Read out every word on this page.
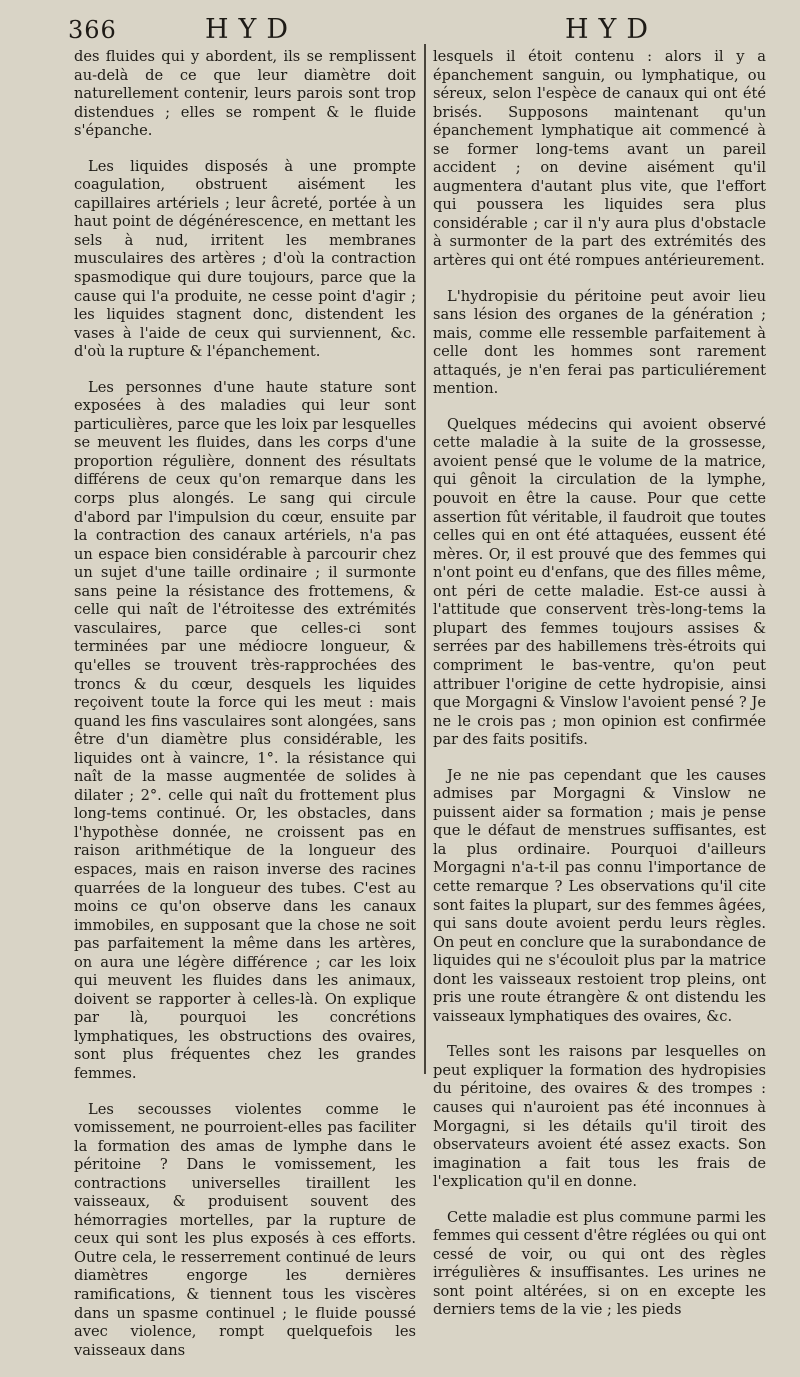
366	HYD	HYD

des fluides qui y abordent, ils se remplissent au-delà de ce que leur diamètre doit naturellement contenir, leurs parois sont trop distendues ; elles se rompent & le fluide s'épanche.

Les liquides disposés à une prompte coagulation, obstruent aisément les capillaires artériels ; leur âcreté, portée à un haut point de dégénérescence, en mettant les sels à nud, irritent les membranes musculaires des artères ; d'où la contraction spasmodique qui dure toujours, parce que la cause qui l'a produite, ne cesse point d'agir ; les liquides stagnent donc, distendent les vases à l'aide de ceux qui surviennent, &c. d'où la rupture & l'épanchement.

Les personnes d'une haute stature sont exposées à des maladies qui leur sont particulières, parce que les loix par lesquelles se meuvent les fluides, dans les corps d'une proportion régulière, donnent des résultats différens de ceux qu'on remarque dans les corps plus alongés. Le sang qui circule d'abord par l'impulsion du cœur, ensuite par la contraction des canaux artériels, n'a pas un espace bien considérable à parcourir chez un sujet d'une taille ordinaire ; il surmonte sans peine la résistance des frottemens, & celle qui naît de l'étroitesse des extrémités vasculaires, parce que celles-ci sont terminées par une médiocre longueur, & qu'elles se trouvent très-rapprochées des troncs & du cœur, desquels les liquides reçoivent toute la force qui les meut : mais quand les fins vasculaires sont alongées, sans être d'un diamètre plus considérable, les liquides ont à vaincre, 1°. la résistance qui naît de la masse augmentée de solides à dilater ; 2°. celle qui naît du frottement plus long-tems continué. Or, les obstacles, dans l'hypothèse donnée, ne croissent pas en raison arithmétique de la longueur des espaces, mais en raison inverse des racines quarrées de la longueur des tubes. C'est au moins ce qu'on observe dans les canaux immobiles, en supposant que la chose ne soit pas parfaitement la même dans les artères, on aura une légère différence ; car les loix qui meuvent les fluides dans les animaux, doivent se rapporter à celles-là. On explique par là, pourquoi les concrétions lymphatiques, les obstructions des ovaires, sont plus fréquentes chez les grandes femmes.

Les secousses violentes comme le vomissement, ne pourroient-elles pas faciliter la formation des amas de lymphe dans le péritoine ? Dans le vomissement, les contractions universelles tiraillent les vaisseaux, & produisent souvent des hémorragies mortelles, par la rupture de ceux qui sont les plus exposés à ces efforts. Outre cela, le resserrement continué de leurs diamètres engorge les dernières ramifications, & tiennent tous les viscères dans un spasme continuel ; le fluide poussé avec violence, rompt quelquefois les vaisseaux dans

lesquels il étoit contenu : alors il y a épanchement sanguin, ou lymphatique, ou séreux, selon l'espèce de canaux qui ont été brisés. Supposons maintenant qu'un épanchement lymphatique ait commencé à se former long-tems avant un pareil accident ; on devine aisément qu'il augmentera d'autant plus vite, que l'effort qui poussera les liquides sera plus considérable ; car il n'y aura plus d'obstacle à surmonter de la part des extrémités des artères qui ont été rompues antérieurement.

L'hydropisie du péritoine peut avoir lieu sans lésion des organes de la génération ; mais, comme elle ressemble parfaitement à celle dont les hommes sont rarement attaqués, je n'en ferai pas particuliérement mention.

Quelques médecins qui avoient observé cette maladie à la suite de la grossesse, avoient pensé que le volume de la matrice, qui gênoit la circulation de la lymphe, pouvoit en être la cause. Pour que cette assertion fût véritable, il faudroit que toutes celles qui en ont été attaquées, eussent été mères. Or, il est prouvé que des femmes qui n'ont point eu d'enfans, que des filles même, ont péri de cette maladie. Est-ce aussi à l'attitude que conservent très-long-tems la plupart des femmes toujours assises & serrées par des habillemens très-étroits qui compriment le bas-ventre, qu'on peut attribuer l'origine de cette hydropisie, ainsi que Morgagni & Vinslow l'avoient pensé ? Je ne le crois pas ; mon opinion est confirmée par des faits positifs.

Je ne nie pas cependant que les causes admises par Morgagni & Vinslow ne puissent aider sa formation ; mais je pense que le défaut de menstrues suffisantes, est la plus ordinaire. Pourquoi d'ailleurs Morgagni n'a-t-il pas connu l'importance de cette remarque ? Les observations qu'il cite sont faites la plupart, sur des femmes âgées, qui sans doute avoient perdu leurs règles. On peut en conclure que la surabondance de liquides qui ne s'écouloit plus par la matrice dont les vaisseaux restoient trop pleins, ont pris une route étrangère & ont distendu les vaisseaux lymphatiques des ovaires, &c.

Telles sont les raisons par lesquelles on peut expliquer la formation des hydropisies du péritoine, des ovaires & des trompes : causes qui n'auroient pas été inconnues à Morgagni, si les détails qu'il tiroit des observateurs avoient été assez exacts. Son imagination a fait tous les frais de l'explication qu'il en donne.

Cette maladie est plus commune parmi les femmes qui cessent d'être réglées ou qui ont cessé de voir, ou qui ont des règles irrégulières & insuffisantes. Les urines ne sont point altérées, si on en excepte les derniers tems de la vie ; les pieds
